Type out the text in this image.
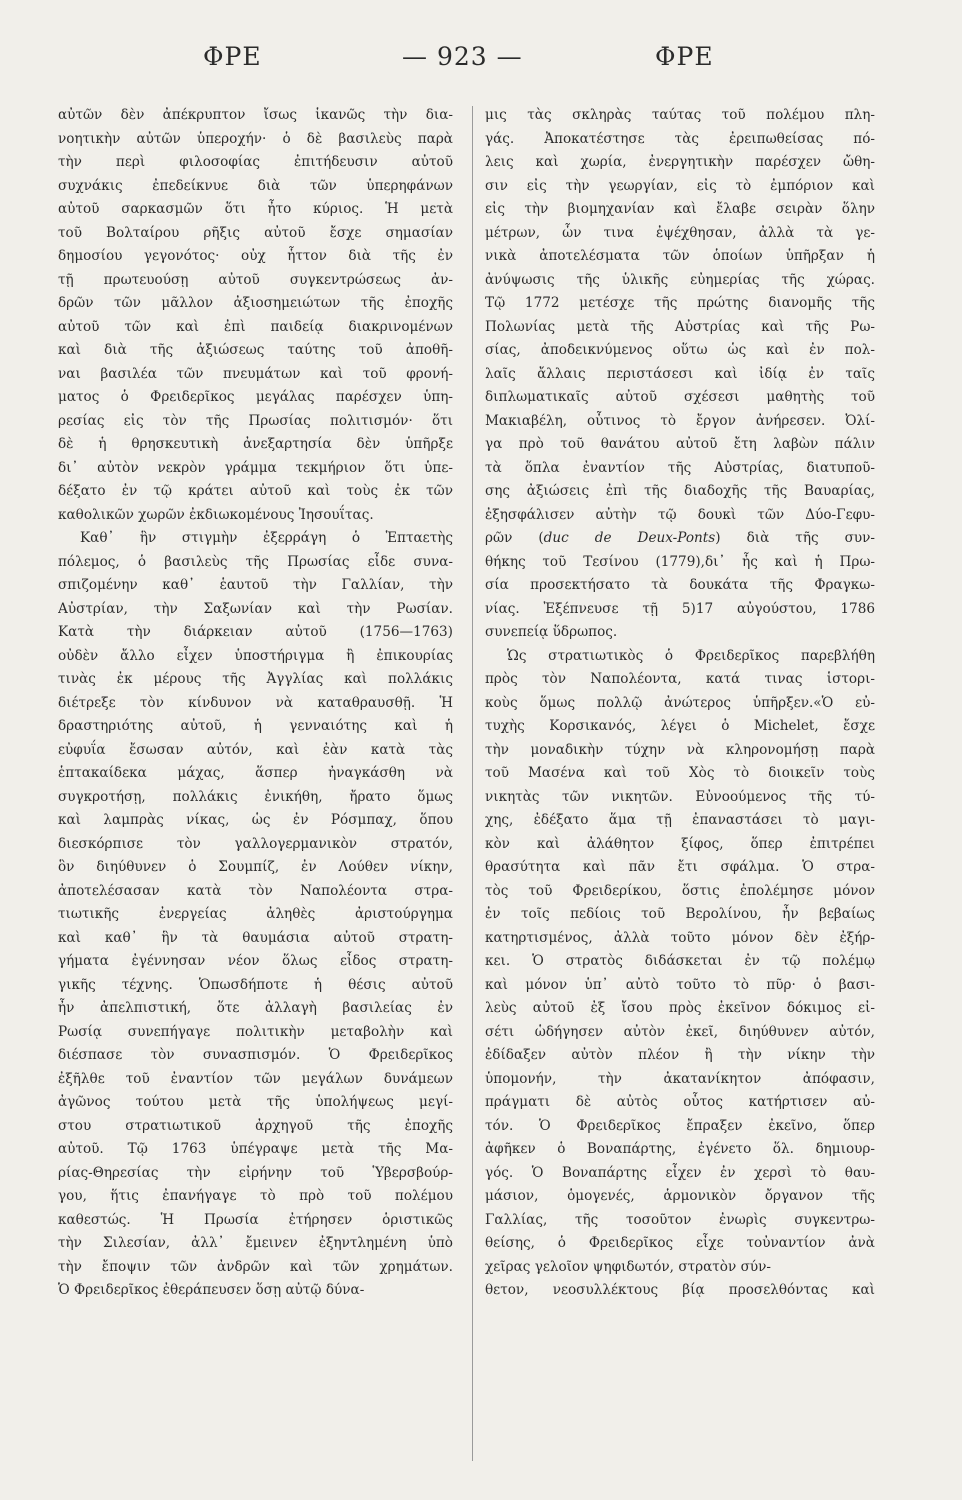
ΦΡΕ	— 923 —	ΦΡΕ
αὐτῶν δὲν ἀπέκρυπτον ἴσως ἱκανῶς τὴν δια-
νοητικὴν αὐτῶν ὑπεροχήν· ὁ δὲ βασιλεὺς παρὰ
τὴν περὶ φιλοσοφίας ἐπιτήδευσιν αὐτοῦ
συχνάκις ἐπεδείκνυε διὰ τῶν ὑπερηφάνων
αὐτοῦ σαρκασμῶν ὅτι ἦτο κύριος. Ἡ μετὰ
τοῦ Βολταίρου ρῆξις αὐτοῦ ἔσχε σημασίαν
δημοσίου γεγονότος· οὐχ ἧττον διὰ τῆς ἐν
τῇ πρωτευούσῃ αὐτοῦ συγκεντρώσεως ἀν-
δρῶν τῶν μᾶλλον ἀξιοσημειώτων τῆς ἐποχῆς
αὐτοῦ τῶν καὶ ἐπὶ παιδείᾳ διακρινομένων
καὶ διὰ τῆς ἀξιώσεως ταύτης τοῦ ἀποθῆ-
ναι βασιλέα τῶν πνευμάτων καὶ τοῦ φρονή-
ματος ὁ Φρειδερῖκος μεγάλας παρέσχεν ὑπη-
ρεσίας εἰς τὸν τῆς Πρωσίας πολιτισμόν· ὅτι
δὲ ἡ θρησκευτικὴ ἀνεξαρτησία δὲν ὑπῆρξε
δι᾽ αὐτὸν νεκρὸν γράμμα τεκμήριον ὅτι ὑπε-
δέξατο ἐν τῷ κράτει αὐτοῦ καὶ τοὺς ἐκ τῶν
καθολικῶν χωρῶν ἐκδιωκομένους Ἰησουΐτας.
Καθ᾽ ἣν στιγμὴν ἐξερράγη ὁ Ἑπταετὴς
πόλεμος, ὁ βασιλεὺς τῆς Πρωσίας εἶδε συνα-
σπιζομένην καθ᾽ ἑαυτοῦ τὴν Γαλλίαν, τὴν
Αὐστρίαν, τὴν Σαξωνίαν καὶ τὴν Ρωσίαν.
Κατὰ τὴν διάρκειαν αὐτοῦ (1756—1763)
οὐδὲν ἄλλο εἶχεν ὑποστήριγμα ἢ ἐπικουρίας
τινὰς ἐκ μέρους τῆς Ἀγγλίας καὶ πολλάκις
διέτρεξε τὸν κίνδυνον νὰ καταθραυσθῇ. Ἡ
δραστηριότης αὐτοῦ, ἡ γενναιότης καὶ ἡ
εὐφυΐα ἔσωσαν αὐτόν, καὶ ἐὰν κατὰ τὰς
ἑπτακαίδεκα μάχας, ἅσπερ ἠναγκάσθη νὰ
συγκροτήσῃ, πολλάκις ἐνικήθη, ἤρατο ὅμως
καὶ λαμπρὰς νίκας, ὡς ἐν Ρόσμπαχ, ὅπου
διεσκόρπισε τὸν γαλλογερμανικὸν στρατόν,
ὃν διηύθυνεν ὁ Σουμπίζ, ἐν Λούθεν νίκην,
ἀποτελέσασαν κατὰ τὸν Ναπολέοντα στρα-
τιωτικῆς ἐνεργείας ἀληθὲς ἀριστούργημα
καὶ καθ᾽ ἣν τὰ θαυμάσια αὐτοῦ στρατη-
γήματα ἐγέννησαν νέον ὅλως εἶδος στρατη-
γικῆς τέχνης. Ὁπωσδήποτε ἡ θέσις αὐτοῦ
ἦν ἀπελπιστική, ὅτε ἀλλαγὴ βασιλείας ἐν
Ρωσίᾳ συνεπήγαγε πολιτικὴν μεταβολὴν καὶ
διέσπασε τὸν συνασπισμόν. Ὁ Φρειδερῖκος
ἐξῆλθε τοῦ ἐναντίον τῶν μεγάλων δυνάμεων
ἀγῶνος τούτου μετὰ τῆς ὑπολήψεως μεγί-
στου στρατιωτικοῦ ἀρχηγοῦ τῆς ἐποχῆς
αὐτοῦ. Τῷ 1763 ὑπέγραψε μετὰ τῆς Μα-
ρίας-Θηρεσίας τὴν εἰρήνην τοῦ Ὑβερσβούρ-
γου, ἥτις ἐπανήγαγε τὸ πρὸ τοῦ πολέμου
καθεστώς. Ἡ Πρωσία ἐτήρησεν ὁριστικῶς
τὴν Σιλεσίαν, ἀλλ᾽ ἔμεινεν ἐξηντλημένη ὑπὸ
τὴν ἔποψιν τῶν ἀνδρῶν καὶ τῶν χρημάτων.
Ὁ Φρειδερῖκος ἐθεράπευσεν ὅσῃ αὐτῷ δύνα-
μις τὰς σκληρὰς ταύτας τοῦ πολέμου πλη-
γάς. Ἀποκατέστησε τὰς ἐρειπωθείσας πό-
λεις καὶ χωρία, ἐνεργητικὴν παρέσχεν ὤθη-
σιν εἰς τὴν γεωργίαν, εἰς τὸ ἐμπόριον καὶ
εἰς τὴν βιομηχανίαν καὶ ἔλαβε σειρὰν ὅλην
μέτρων, ὧν τινα ἐψέχθησαν, ἀλλὰ τὰ γε-
νικὰ ἀποτελέσματα τῶν ὁποίων ὑπῆρξαν ἡ
ἀνύψωσις τῆς ὑλικῆς εὐημερίας τῆς χώρας.
Τῷ 1772 μετέσχε τῆς πρώτης διανομῆς τῆς
Πολωνίας μετὰ τῆς Αὐστρίας καὶ τῆς Ρω-
σίας, ἀποδεικνύμενος οὕτω ὡς καὶ ἐν πολ-
λαῖς ἄλλαις περιστάσεσι καὶ ἰδίᾳ ἐν ταῖς
διπλωματικαῖς αὐτοῦ σχέσεσι μαθητὴς τοῦ
Μακιαβέλη, οὗτινος τὸ ἔργον ἀνήρεσεν. Ὀλί-
γα πρὸ τοῦ θανάτου αὐτοῦ ἔτη λαβὼν πάλιν
τὰ ὅπλα ἐναντίον τῆς Αὐστρίας, διατυποῦ-
σης ἀξιώσεις ἐπὶ τῆς διαδοχῆς τῆς Βαυαρίας,
ἐξησφάλισεν αὐτὴν τῷ δουκὶ τῶν Δύο-Γεφυ-
ρῶν (duc de Deux-Ponts) διὰ τῆς συν-
θήκης τοῦ Τεσίνου (1779),δι᾽ ἧς καὶ ἡ Πρω-
σία προσεκτήσατο τὰ δουκάτα τῆς Φραγκω-
νίας. Ἐξέπνευσε τῇ 5)17 αὐγούστου, 1786
συνεπείᾳ ὕδρωπος.
Ὡς στρατιωτικὸς ὁ Φρειδερῖκος παρεβλήθη
πρὸς τὸν Ναπολέοντα, κατά τινας ἱστορι-
κοὺς ὅμως πολλῷ ἀνώτερος ὑπῆρξεν.«Ὁ εὐ-
τυχὴς Κορσικανός, λέγει ὁ Michelet, ἔσχε
τὴν μοναδικὴν τύχην νὰ κληρονομήσῃ παρὰ
τοῦ Μασένα καὶ τοῦ Χὸς τὸ διοικεῖν τοὺς
νικητὰς τῶν νικητῶν. Εὐνοούμενος τῆς τύ-
χης, ἐδέξατο ἅμα τῇ ἐπαναστάσει τὸ μαγι-
κὸν καὶ ἀλάθητον ξίφος, ὅπερ ἐπιτρέπει
θρασύτητα καὶ πᾶν ἔτι σφάλμα. Ὁ στρα-
τὸς τοῦ Φρειδερίκου, ὅστις ἐπολέμησε μόνον
ἐν τοῖς πεδίοις τοῦ Βερολίνου, ἦν βεβαίως
κατηρτισμένος, ἀλλὰ τοῦτο μόνον δὲν ἐξήρ-
κει. Ὁ στρατὸς διδάσκεται ἐν τῷ πολέμῳ
καὶ μόνον ὑπ᾽ αὐτὸ τοῦτο τὸ πῦρ· ὁ βασι-
λεὺς αὐτοῦ ἐξ ἴσου πρὸς ἐκεῖνον δόκιμος εἰ-
σέτι ὡδήγησεν αὐτὸν ἐκεῖ, διηύθυνεν αὐτόν,
ἐδίδαξεν αὐτὸν πλέον ἢ τὴν νίκην τὴν
ὑπομονήν, τὴν ἀκατανίκητον ἀπόφασιν,
πράγματι δὲ αὐτὸς οὗτος κατήρτισεν αὐ-
τόν. Ὁ Φρειδερῖκος ἔπραξεν ἐκεῖνο, ὅπερ
ἀφῆκεν ὁ Βοναπάρτης, ἐγένετο ὅλ. δημιουρ-
γός. Ὁ Βοναπάρτης εἶχεν ἐν χερσὶ τὸ θαυ-
μάσιον, ὁμογενές, ἁρμονικὸν ὄργανον τῆς
Γαλλίας, τῆς τοσοῦτον ἐνωρὶς συγκεντρω-
θείσης, ὁ Φρειδερῖκος εἶχε τοὐναντίον ἀνὰ
χεῖρας γελοῖον ψηφιδωτόν, στρατὸν σύν-
θετον, νεοσυλλέκτους βίᾳ προσελθόντας καὶ
